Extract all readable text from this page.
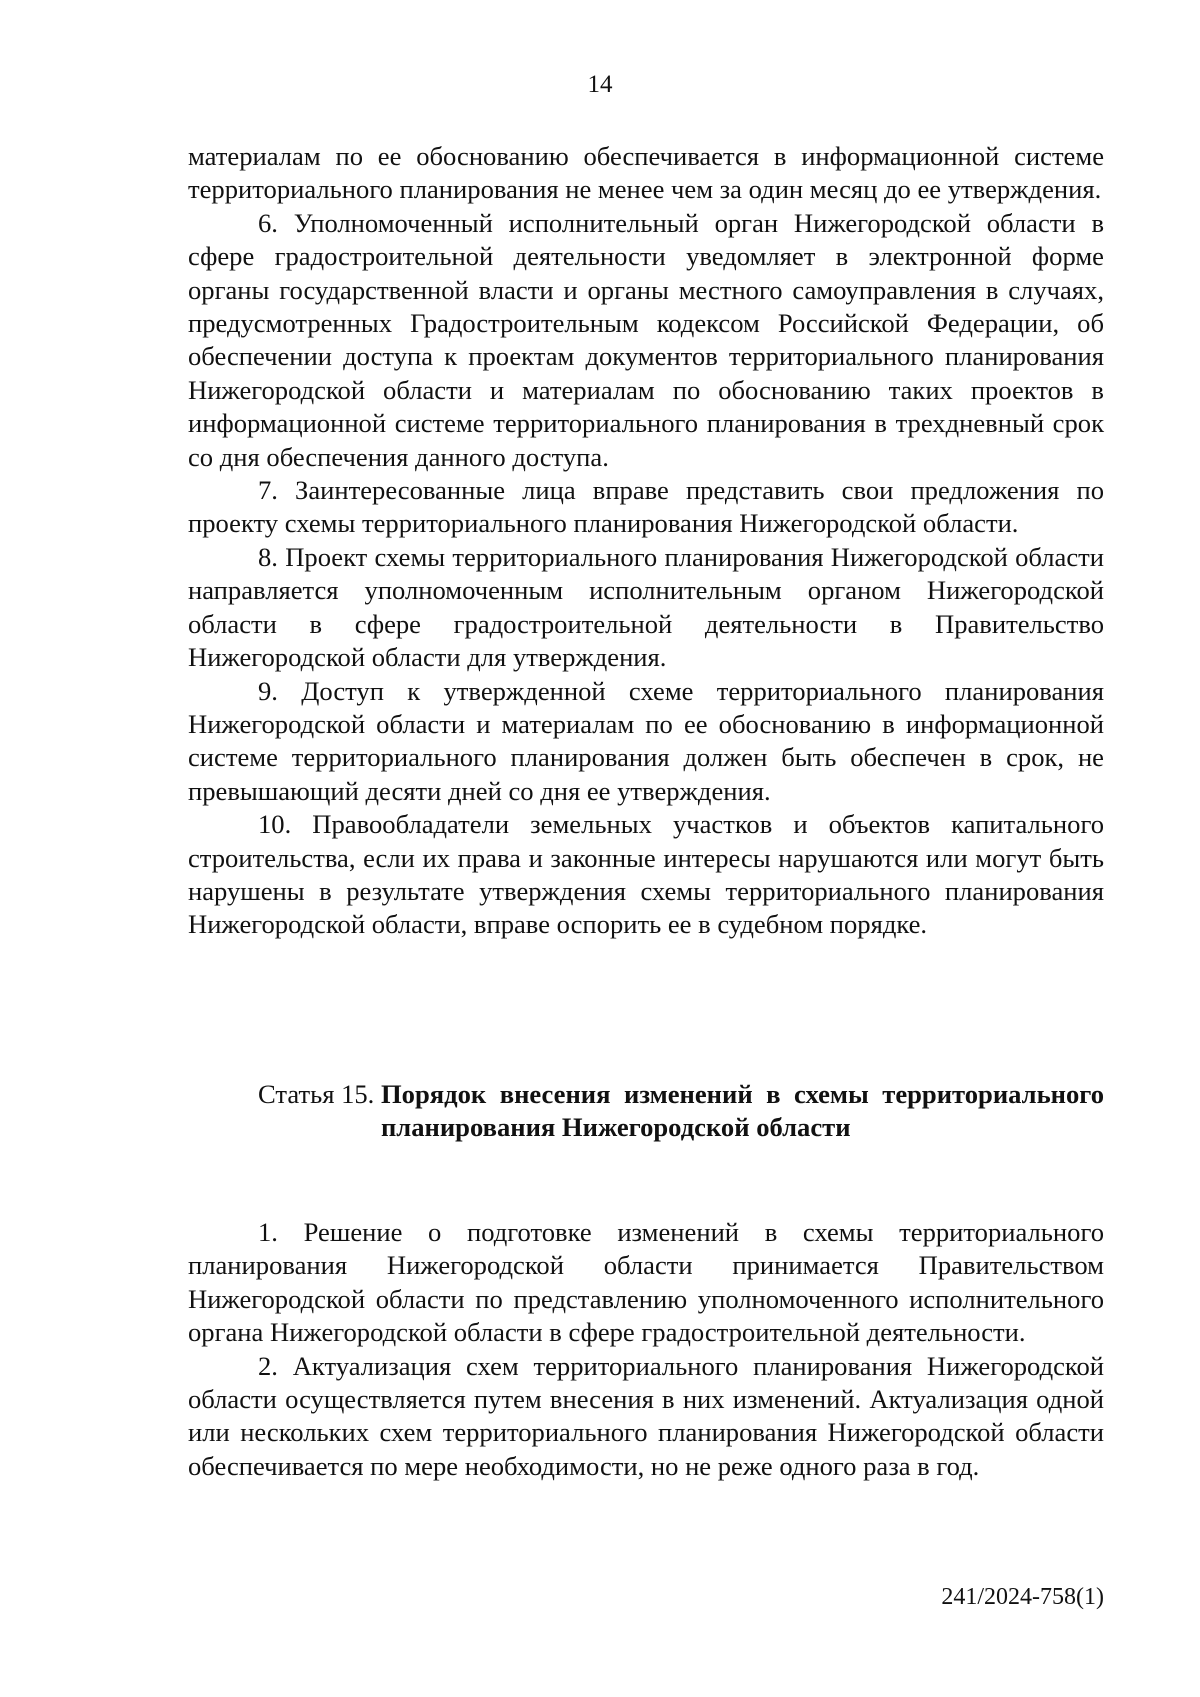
14

материалам по ее обоснованию обеспечивается в информационной системе территориального планирования не менее чем за один месяц до ее утверждения.

6. Уполномоченный исполнительный орган Нижегородской области в сфере градостроительной деятельности уведомляет в электронной форме органы государственной власти и органы местного самоуправления в случаях, предусмотренных Градостроительным кодексом Российской Федерации, об обеспечении доступа к проектам документов территориального планирования Нижегородской области и материалам по обоснованию таких проектов в информационной системе территориального планирования в трехдневный срок со дня обеспечения данного доступа.

7. Заинтересованные лица вправе представить свои предложения по проекту схемы территориального планирования Нижегородской области.

8. Проект схемы территориального планирования Нижегородской области направляется уполномоченным исполнительным органом Нижегородской области в сфере градостроительной деятельности в Правительство Нижегородской области для утверждения.

9. Доступ к утвержденной схеме территориального планирования Нижегородской области и материалам по ее обоснованию в информационной системе территориального планирования должен быть обеспечен в срок, не превышающий десяти дней со дня ее утверждения.

10. Правообладатели земельных участков и объектов капитального строительства, если их права и законные интересы нарушаются или могут быть нарушены в результате утверждения схемы территориального планирования Нижегородской области, вправе оспорить ее в судебном порядке.

Статья 15. Порядок внесения изменений в схемы территориального планирования Нижегородской области

1. Решение о подготовке изменений в схемы территориального планирования Нижегородской области принимается Правительством Нижегородской области по представлению уполномоченного исполнительного органа Нижегородской области в сфере градостроительной деятельности.

2. Актуализация схем территориального планирования Нижегородской области осуществляется путем внесения в них изменений. Актуализация одной или нескольких схем территориального планирования Нижегородской области обеспечивается по мере необходимости, но не реже одного раза в год.

241/2024-758(1)
